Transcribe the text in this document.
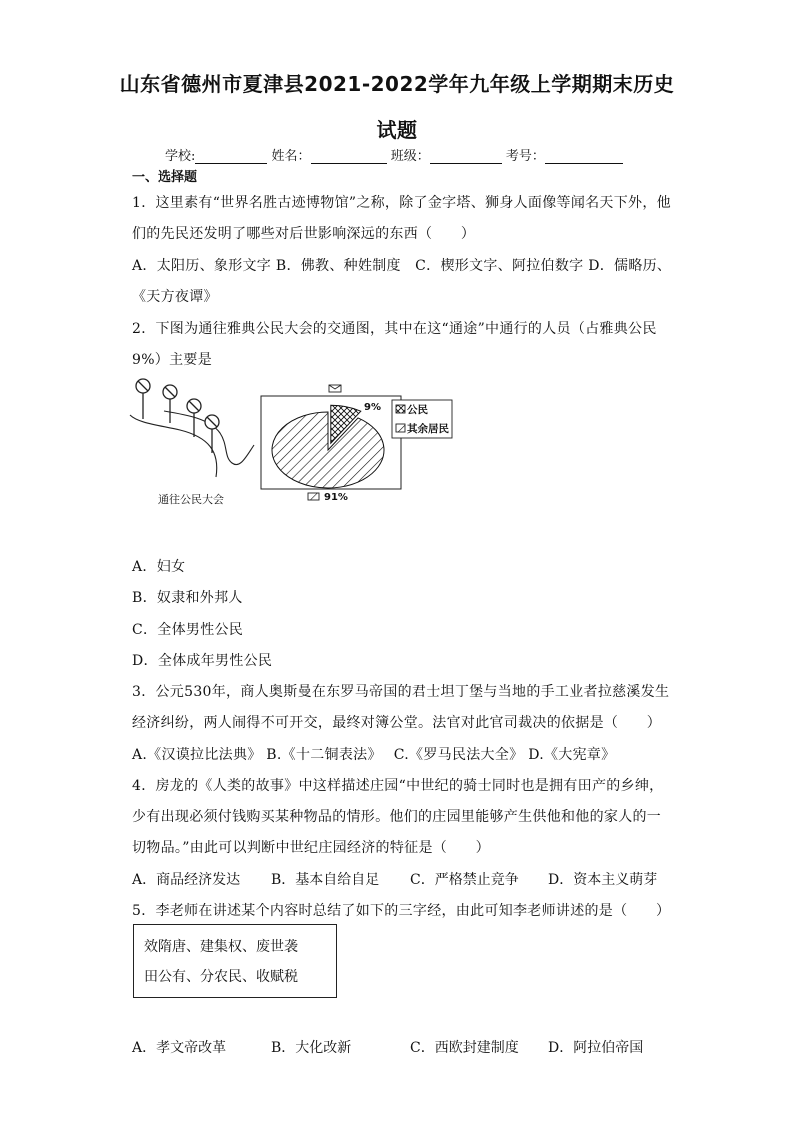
山东省德州市夏津县2021-2022学年九年级上学期期末历史
试题
学校:	姓名：	班级：	考号：
一、选择题
1．这里素有“世界名胜古迹博物馆”之称，除了金字塔、狮身人面像等闻名天下外，他
们的先民还发明了哪些对后世影响深远的东西（　　）
A．太阳历、象形文字 B．佛教、种姓制度　C．楔形文字、阿拉伯数字 D．儒略历、
《天方夜谭》
2．下图为通往雅典公民大会的交通图，其中在这“通途”中通行的人员（占雅典公民
9%）主要是
通往公民大会
9% 公民
其余居民
91%
A．妇女
B．奴隶和外邦人
C．全体男性公民
D．全体成年男性公民
3．公元530年，商人奥斯曼在东罗马帝国的君士坦丁堡与当地的手工业者拉慈溪发生
经济纠纷，两人闹得不可开交，最终对簿公堂。法官对此官司裁决的依据是（　　）
A.《汉谟拉比法典》 B.《十二铜表法》　 C.《罗马民法大全》 D.《大宪章》
4．房龙的《人类的故事》中这样描述庄园“中世纪的骑士同时也是拥有田产的乡绅，
少有出现必须付钱购买某种物品的情形。他们的庄园里能够产生供他和他的家人的一
切物品。”由此可以判断中世纪庄园经济的特征是（　　）
A．商品经济发达 B．基本自给自足 C．严格禁止竞争 D．资本主义萌芽
5．李老师在讲述某个内容时总结了如下的三字经，由此可知李老师讲述的是（　　）
效隋唐、建集权、废世袭
田公有、分农民、收赋税
A．孝文帝改革	B．大化改新	C．西欧封建制度 D．阿拉伯帝国
